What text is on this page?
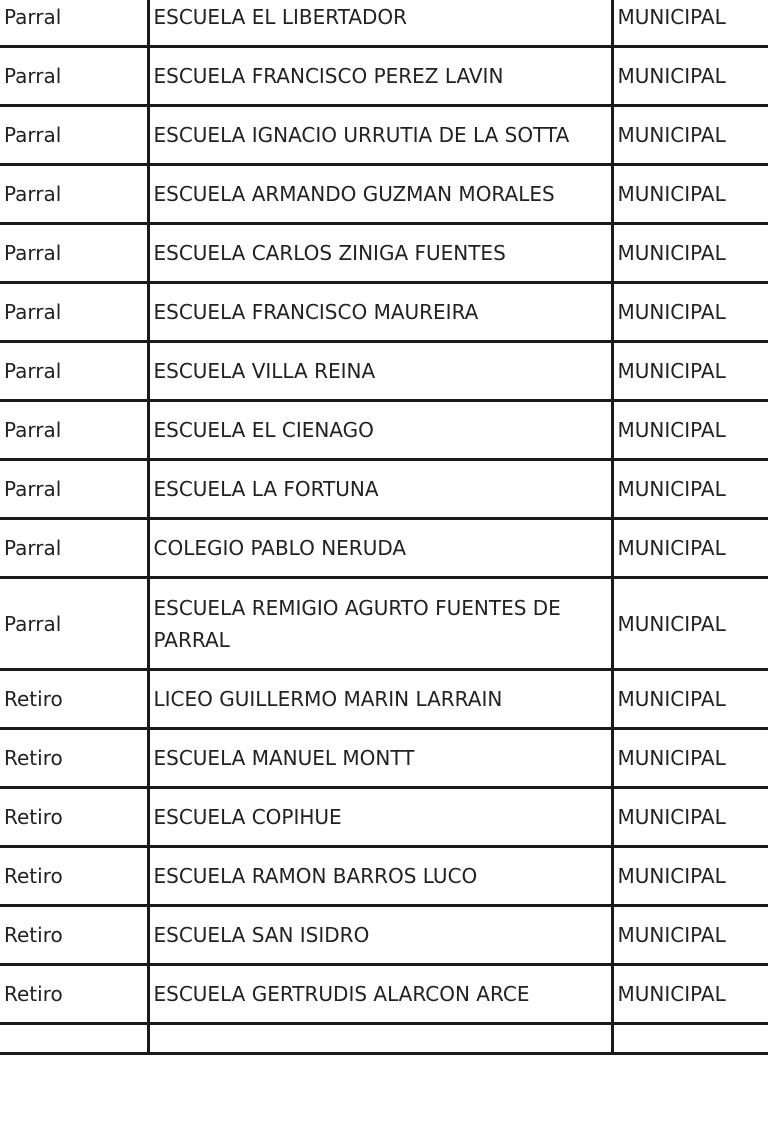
Parral	ESCUELA EL LIBERTADOR	MUNICIPAL
Parral	ESCUELA FRANCISCO PEREZ LAVIN	MUNICIPAL
Parral	ESCUELA IGNACIO URRUTIA DE LA SOTTA	MUNICIPAL
Parral	ESCUELA ARMANDO GUZMAN MORALES	MUNICIPAL
Parral	ESCUELA CARLOS ZINIGA FUENTES	MUNICIPAL
Parral	ESCUELA FRANCISCO MAUREIRA	MUNICIPAL
Parral	ESCUELA VILLA REINA	MUNICIPAL
Parral	ESCUELA EL CIENAGO	MUNICIPAL
Parral	ESCUELA LA FORTUNA	MUNICIPAL
Parral	COLEGIO PABLO NERUDA	MUNICIPAL
Parral	ESCUELA REMIGIO AGURTO FUENTES DE PARRAL	MUNICIPAL
Retiro	LICEO GUILLERMO MARIN LARRAIN	MUNICIPAL
Retiro	ESCUELA MANUEL MONTT	MUNICIPAL
Retiro	ESCUELA COPIHUE	MUNICIPAL
Retiro	ESCUELA RAMON BARROS LUCO	MUNICIPAL
Retiro	ESCUELA SAN ISIDRO	MUNICIPAL
Retiro	ESCUELA GERTRUDIS ALARCON ARCE	MUNICIPAL
